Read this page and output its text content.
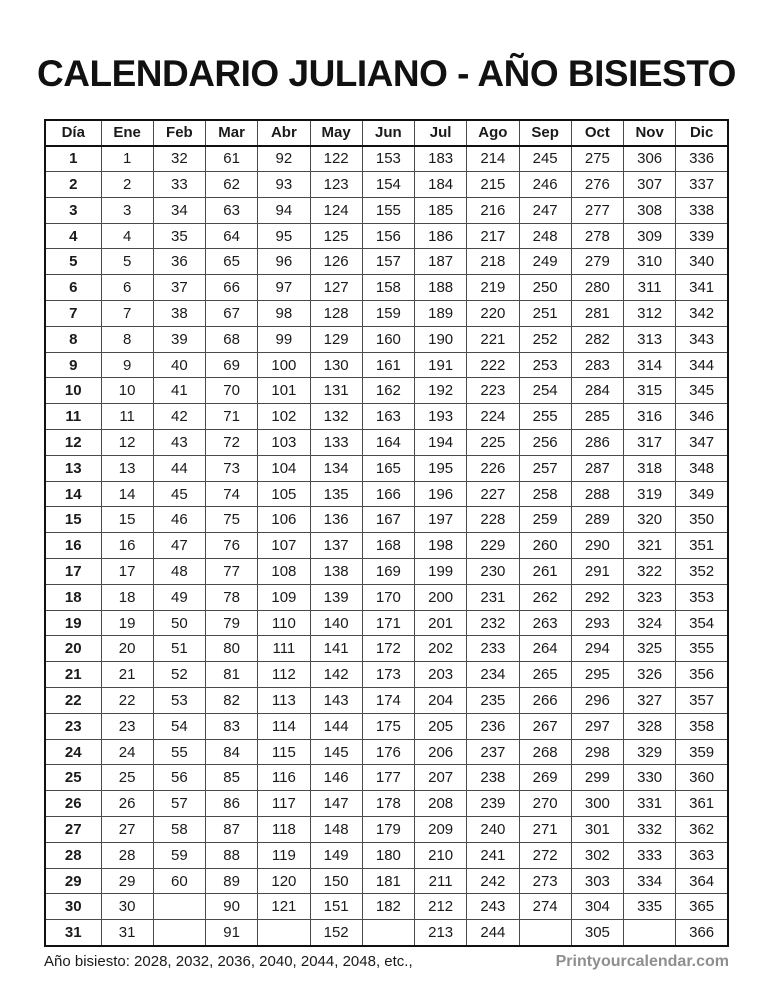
CALENDARIO JULIANO - AÑO BISIESTO
Día	Ene	Feb	Mar	Abr	May	Jun	Jul	Ago	Sep	Oct	Nov	Dic
1	1	32	61	92	122	153	183	214	245	275	306	336
2	2	33	62	93	123	154	184	215	246	276	307	337
3	3	34	63	94	124	155	185	216	247	277	308	338
4	4	35	64	95	125	156	186	217	248	278	309	339
5	5	36	65	96	126	157	187	218	249	279	310	340
6	6	37	66	97	127	158	188	219	250	280	311	341
7	7	38	67	98	128	159	189	220	251	281	312	342
8	8	39	68	99	129	160	190	221	252	282	313	343
9	9	40	69	100	130	161	191	222	253	283	314	344
10	10	41	70	101	131	162	192	223	254	284	315	345
11	11	42	71	102	132	163	193	224	255	285	316	346
12	12	43	72	103	133	164	194	225	256	286	317	347
13	13	44	73	104	134	165	195	226	257	287	318	348
14	14	45	74	105	135	166	196	227	258	288	319	349
15	15	46	75	106	136	167	197	228	259	289	320	350
16	16	47	76	107	137	168	198	229	260	290	321	351
17	17	48	77	108	138	169	199	230	261	291	322	352
18	18	49	78	109	139	170	200	231	262	292	323	353
19	19	50	79	110	140	171	201	232	263	293	324	354
20	20	51	80	111	141	172	202	233	264	294	325	355
21	21	52	81	112	142	173	203	234	265	295	326	356
22	22	53	82	113	143	174	204	235	266	296	327	357
23	23	54	83	114	144	175	205	236	267	297	328	358
24	24	55	84	115	145	176	206	237	268	298	329	359
25	25	56	85	116	146	177	207	238	269	299	330	360
26	26	57	86	117	147	178	208	239	270	300	331	361
27	27	58	87	118	148	179	209	240	271	301	332	362
28	28	59	88	119	149	180	210	241	272	302	333	363
29	29	60	89	120	150	181	211	242	273	303	334	364
30	30		90	121	151	182	212	243	274	304	335	365
31	31		91		152		213	244		305		366
Año bisiesto: 2028, 2032, 2036, 2040, 2044, 2048, etc.,	Printyourcalendar.com
